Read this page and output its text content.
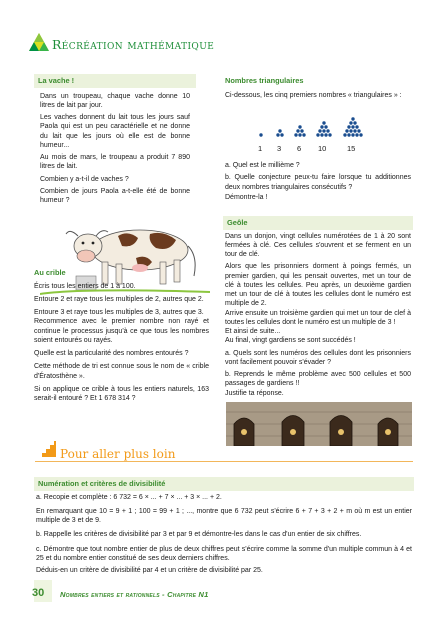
Récréation mathématique
La vache !

Dans un troupeau, chaque vache donne 10 litres de lait par jour.

Les vaches donnent du lait tous les jours sauf Paola qui est un peu caractérielle et ne donne du lait que les jours où elle est de bonne humeur...

Au mois de mars, le troupeau a produit 7 890 litres de lait.

Combien y a-t-il de vaches ?

Combien de jours Paola a-t-elle été de bonne humeur ?

Nombres triangulaires

Ci-dessous, les cinq premiers nombres « triangulaires » :

1 3 6 10	15

a. Quel est le millième ?

b. Quelle conjecture peux-tu faire lorsque tu additionnes deux nombres triangulaires consécutifs ?

Démontre-la !

Geôle

Dans un donjon, vingt cellules numérotées de 1 à 20 sont fermées à clé. Ces cellules s'ouvrent et se ferment en un tour de clé.

Alors que les prisonniers dorment à poings fermés, un premier gardien, qui les pensait ouvertes, met un tour de clé à toutes les cellules. Peu après, un deuxième gardien met un tour de clé à toutes les cellules dont le numéro est multiple de 2.

Arrive ensuite un troisième gardien qui met un tour de clef à toutes les cellules dont le numéro est un multiple de 3 !

Et ainsi de suite...

Au final, vingt gardiens se sont succédés !

a. Quels sont les numéros des cellules dont les prisonniers vont facilement pouvoir s'évader ?

b. Reprends le même problème avec 500 cellules et 500 passages de gardiens !!

Justifie ta réponse.

Au crible

Écris tous les entiers de 1 à 100.

Entoure 2 et raye tous les multiples de 2, autres que 2.

Entoure 3 et raye tous les multiples de 3, autres que 3.

Recommence avec le premier nombre non rayé et continue le processus jusqu'à ce que tous les nombres soient entourés ou rayés.

Quelle est la particularité des nombres entourés ?

Cette méthode de tri est connue sous le nom de « crible d'Ératosthène ».

Si on applique ce crible à tous les entiers naturels, 163 serait-il entouré ? Et 1 678 314 ?

Pour aller plus loin
Numération et critères de divisibilité

a. Recopie et complète : 6 732 = 6 × ... + 7 × ... + 3 × ... + 2.

En remarquant que 10 = 9 + 1 ; 100 = 99 + 1 ; ..., montre que 6 732 peut s'écrire 6 + 7 + 3 + 2 + m où m est un entier multiple de 3 et de 9.

b. Rappelle les critères de divisibilité par 3 et par 9 et démontre-les dans le cas d'un entier de six chiffres.

c. Démontre que tout nombre entier de plus de deux chiffres peut s'écrire comme la somme d'un multiple commun à 4 et 25 et du nombre entier constitué de ses deux derniers chiffres.

Déduis-en un critère de divisibilité par 4 et un critère de divisibilité par 25.

30 Nombres entiers et rationnels - Chapitre N1
